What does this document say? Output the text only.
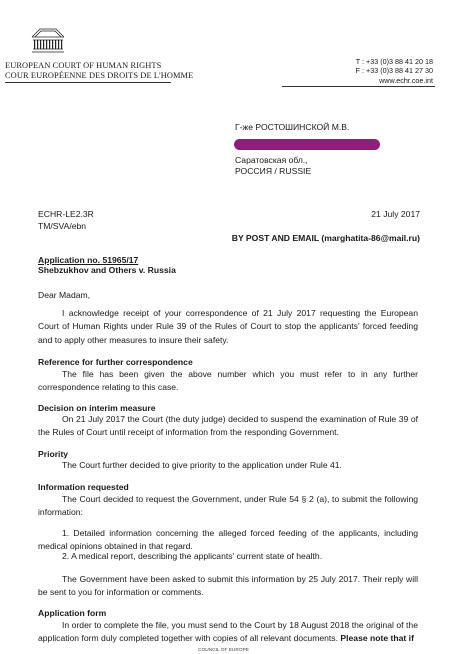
EUROPEAN COURT OF HUMAN RIGHTS
COUR EUROPÉENNE DES DROITS DE L'HOMME
T : +33 (0)3 88 41 20 18
F : +33 (0)3 88 41 27 30
www.echr.coe.int
Г-же РОСТОШИНСКОЙ М.В.
Саратовская обл.,
РОССИЯ / RUSSIE
ECHR-LE2.3R
TM/SVA/ebn
21 July 2017
BY POST AND EMAIL (marghatita-86@mail.ru)
Application no. 51965/17
Shebzukhov and Others v. Russia
Dear Madam,
I acknowledge receipt of your correspondence of 21 July 2017 requesting the European Court of Human Rights under Rule 39 of the Rules of Court to stop the applicants' forced feeding and to apply other measures to insure their safety.
Reference for further correspondence
The file has been given the above number which you must refer to in any further correspondence relating to this case.
Decision on interim measure
On 21 July 2017 the Court (the duty judge) decided to suspend the examination of Rule 39 of the Rules of Court until receipt of information from the responding Government.
Priority
The Court further decided to give priority to the application under Rule 41.
Information requested
The Court decided to request the Government, under Rule 54 § 2 (a), to submit the following information:
1. Detailed information concerning the alleged forced feeding of the applicants, including medical opinions obtained in that regard.
2. A medical report, describing the applicants' current state of health.
The Government have been asked to submit this information by 25 July 2017. Their reply will be sent to you for information or comments.
Application form
In order to complete the file, you must send to the Court by 18 August 2018 the original of the application form duly completed together with copies of all relevant documents. Please note that if
COUNCIL OF EUROPE
